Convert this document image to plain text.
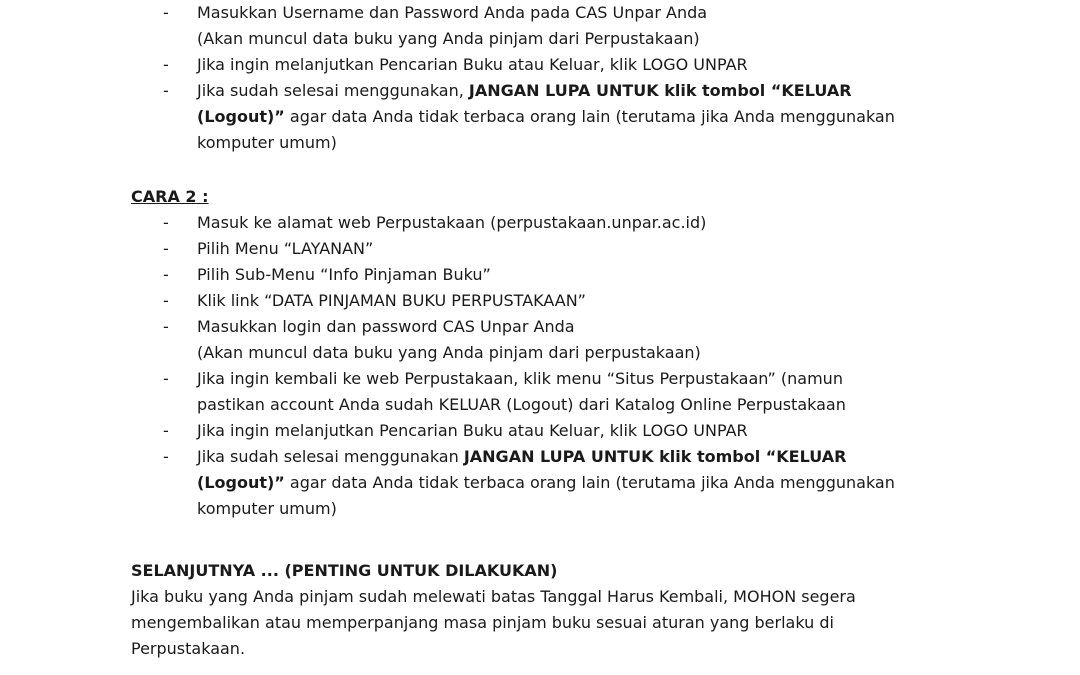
- Masukkan Username dan Password Anda pada CAS Unpar Anda
(Akan muncul data buku yang Anda pinjam dari Perpustakaan)
- Jika ingin melanjutkan Pencarian Buku atau Keluar, klik LOGO UNPAR
- Jika sudah selesai menggunakan, JANGAN LUPA UNTUK klik tombol “KELUAR
(Logout)” agar data Anda tidak terbaca orang lain (terutama jika Anda menggunakan
komputer umum)
CARA 2 :
- Masuk ke alamat web Perpustakaan (perpustakaan.unpar.ac.id)
- Pilih Menu “LAYANAN”
- Pilih Sub-Menu “Info Pinjaman Buku”
- Klik link “DATA PINJAMAN BUKU PERPUSTAKAAN”
- Masukkan login dan password CAS Unpar Anda
(Akan muncul data buku yang Anda pinjam dari perpustakaan)
- Jika ingin kembali ke web Perpustakaan, klik menu “Situs Perpustakaan” (namun
pastikan account Anda sudah KELUAR (Logout) dari Katalog Online Perpustakaan
- Jika ingin melanjutkan Pencarian Buku atau Keluar, klik LOGO UNPAR
- Jika sudah selesai menggunakan JANGAN LUPA UNTUK klik tombol “KELUAR
(Logout)” agar data Anda tidak terbaca orang lain (terutama jika Anda menggunakan
komputer umum)
SELANJUTNYA ... (PENTING UNTUK DILAKUKAN)
Jika buku yang Anda pinjam sudah melewati batas Tanggal Harus Kembali, MOHON segera
mengembalikan atau memperpanjang masa pinjam buku sesuai aturan yang berlaku di
Perpustakaan.
